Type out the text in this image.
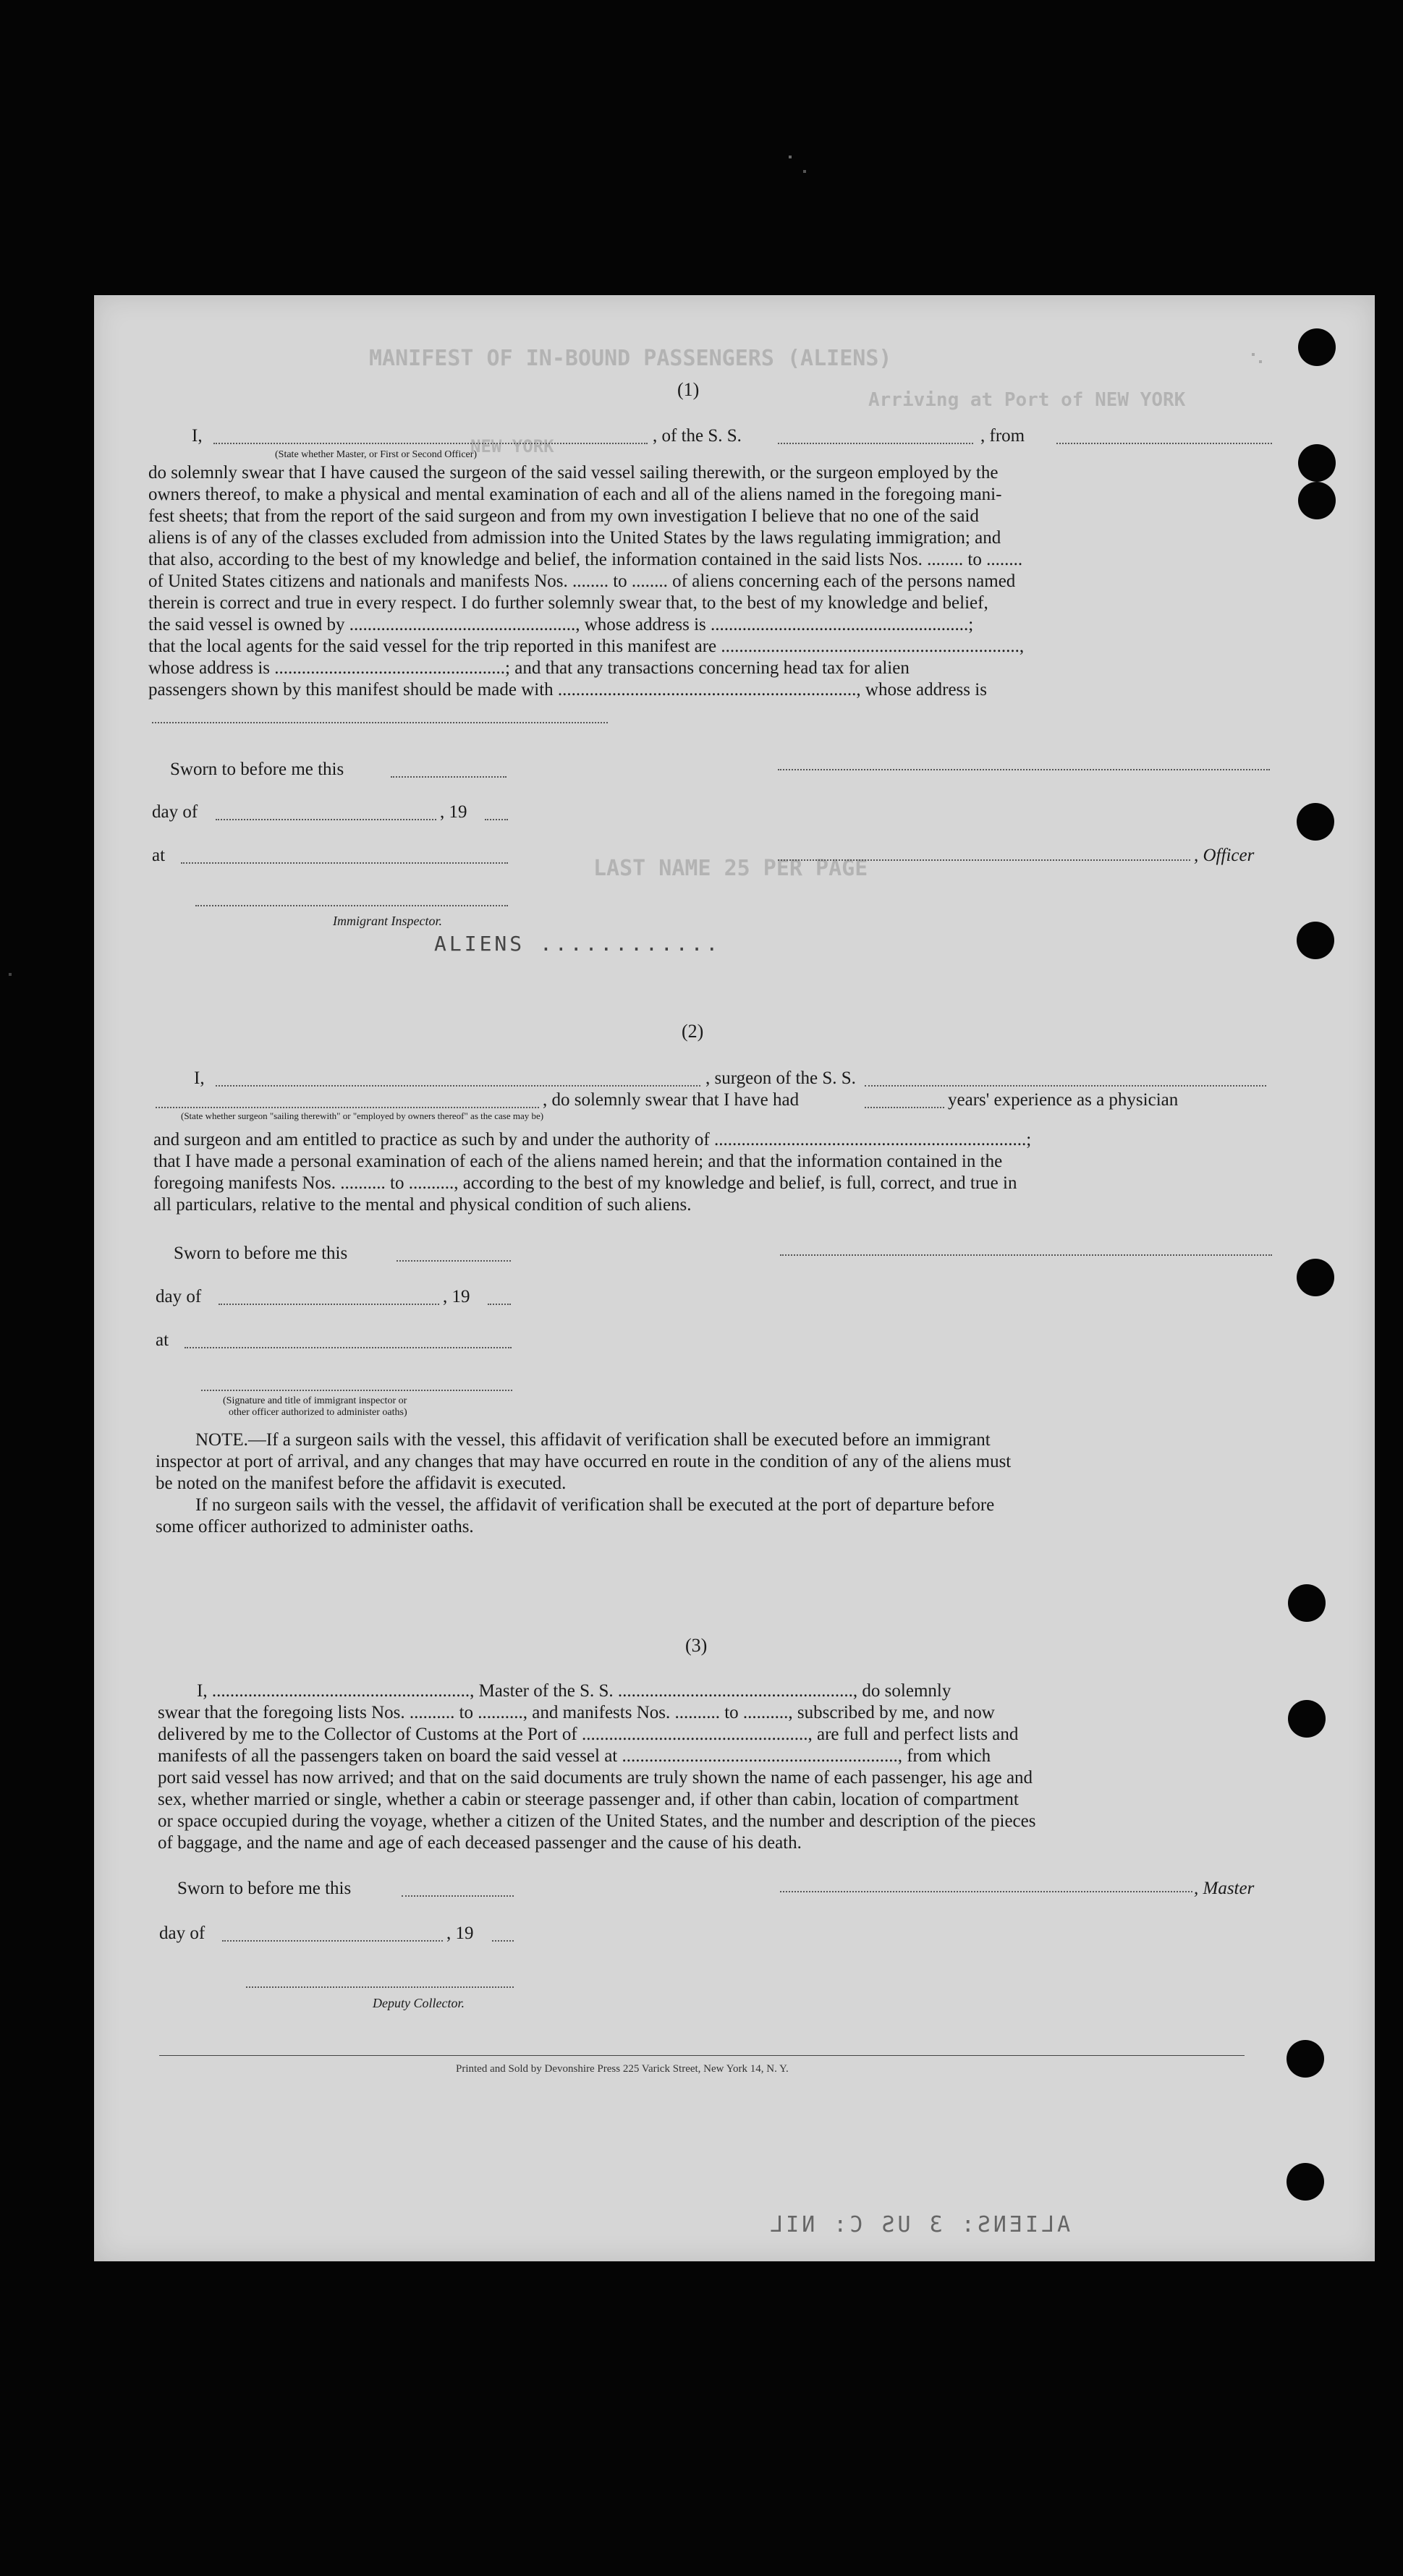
MANIFEST OF IN-BOUND PASSENGERS (ALIENS)
Arriving at Port of NEW YORK
LAST NAME 25 PER PAGE
NEW YORK
ALIENS ............
(1)
I,	, of the S. S.	, from
(State whether Master, or First or Second Officer)
do solemnly swear that I have caused the surgeon of the said vessel sailing therewith, or the surgeon employed by the
owners thereof, to make a physical and mental examination of each and all of the aliens named in the foregoing mani-
fest sheets; that from the report of the said surgeon and from my own investigation I believe that no one of the said
aliens is of any of the classes excluded from admission into the United States by the laws regulating immigration; and
that also, according to the best of my knowledge and belief, the information contained in the said lists Nos. ........ to ........
of United States citizens and nationals and manifests Nos. ........ to ........ of aliens concerning each of the persons named
therein is correct and true in every respect. I do further solemnly swear that, to the best of my knowledge and belief,
the said vessel is owned by .................................................., whose address is .........................................................;
that the local agents for the said vessel for the trip reported in this manifest are ..................................................................,
whose address is ...................................................; and that any transactions concerning head tax for alien
passengers shown by this manifest should be made with .................................................................., whose address is
Sworn to before me this
day of	, 19
at	, Officer
Immigrant Inspector.
(2)
I,	, surgeon of the S. S.
, do solemnly swear that I have had	years' experience as a physician
(State whether surgeon "sailing therewith" or "employed by owners thereof" as the case may be)
and surgeon and am entitled to practice as such by and under the authority of .....................................................................;
that I have made a personal examination of each of the aliens named herein; and that the information contained in the
foregoing manifests Nos. .......... to .........., according to the best of my knowledge and belief, is full, correct, and true in
all particulars, relative to the mental and physical condition of such aliens.
Sworn to before me this
day of	, 19
at
(Signature and title of immigrant inspector or
other officer authorized to administer oaths)
NOTE.—If a surgeon sails with the vessel, this affidavit of verification shall be executed before an immigrant
inspector at port of arrival, and any changes that may have occurred en route in the condition of any of the aliens must
be noted on the manifest before the affidavit is executed.
If no surgeon sails with the vessel, the affidavit of verification shall be executed at the port of departure before
some officer authorized to administer oaths.
(3)
I, ........................................................., Master of the S. S. ...................................................., do solemnly
swear that the foregoing lists Nos. .......... to .........., and manifests Nos. .......... to .........., subscribed by me, and now
delivered by me to the Collector of Customs at the Port of .................................................., are full and perfect lists and
manifests of all the passengers taken on board the said vessel at ............................................................., from which
port said vessel has now arrived; and that on the said documents are truly shown the name of each passenger, his age and
sex, whether married or single, whether a cabin or steerage passenger and, if other than cabin, location of compartment
or space occupied during the voyage, whether a citizen of the United States, and the number and description of the pieces
of baggage, and the name and age of each deceased passenger and the cause of his death.
Sworn to before me this	, Master
day of	, 19
Deputy Collector.
Printed and Sold by Devonshire Press 225 Varick Street, New York 14, N. Y.
ALIENS: 3 US C: NIL
